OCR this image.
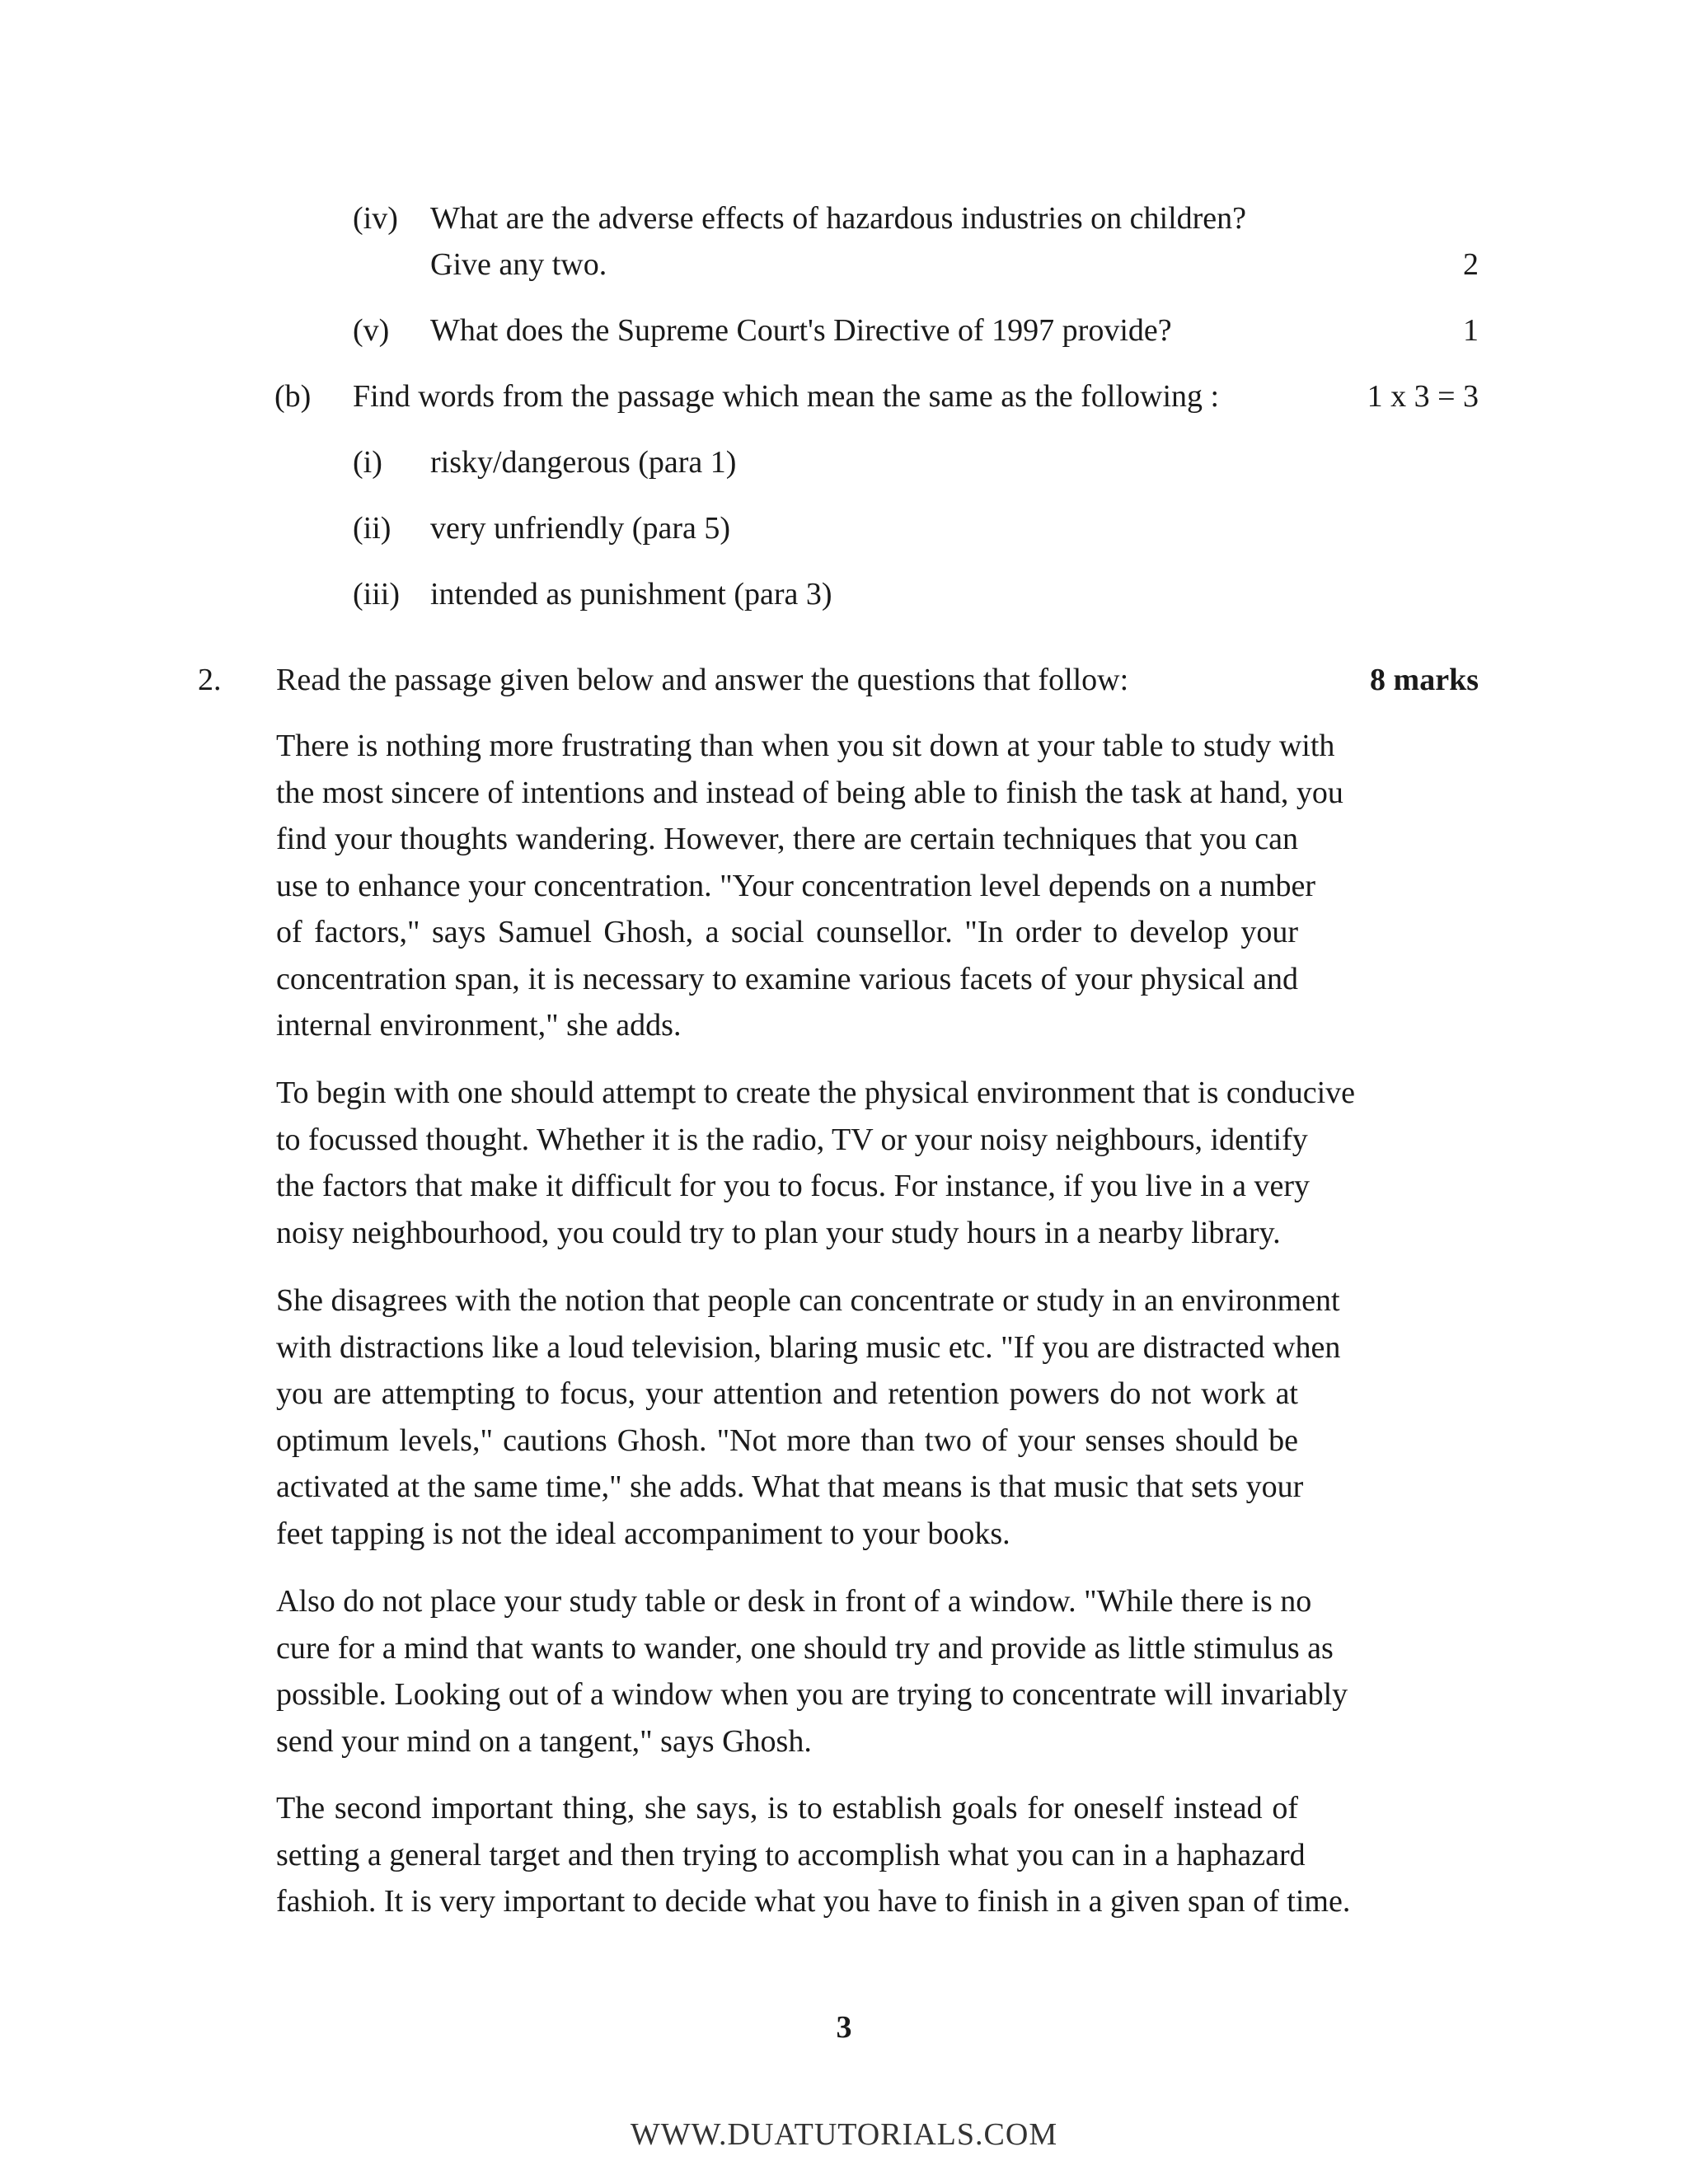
(iv) What are the adverse effects of hazardous industries on children?
Give any two.	2
(v) What does the Supreme Court's Directive of 1997 provide?	1
(b) Find words from the passage which mean the same as the following :	1 x 3 = 3
(i) risky/dangerous (para 1)
(ii) very unfriendly (para 5)
(iii) intended as punishment (para 3)
2. Read the passage given below and answer the questions that follow:	8 marks
There is nothing more frustrating than when you sit down at your table to study with
the most sincere of intentions and instead of being able to finish the task at hand, you
find your thoughts wandering. However, there are certain techniques that you can
use to enhance your concentration. "Your concentration level depends on a number
of factors," says Samuel Ghosh, a social counsellor. "In order to develop your
concentration span, it is necessary to examine various facets of your physical and
internal environment," she adds.
To begin with one should attempt to create the physical environment that is conducive
to focussed thought. Whether it is the radio, TV or your noisy neighbours, identify
the factors that make it difficult for you to focus. For instance, if you live in a very
noisy neighbourhood, you could try to plan your study hours in a nearby library.
She disagrees with the notion that people can concentrate or study in an environment
with distractions like a loud television, blaring music etc. "If you are distracted when
you are attempting to focus, your attention and retention powers do not work at
optimum levels," cautions Ghosh. "Not more than two of your senses should be
activated at the same time," she adds. What that means is that music that sets your
feet tapping is not the ideal accompaniment to your books.
Also do not place your study table or desk in front of a window. "While there is no
cure for a mind that wants to wander, one should try and provide as little stimulus as
possible. Looking out of a window when you are trying to concentrate will invariably
send your mind on a tangent," says Ghosh.
The second important thing, she says, is to establish goals for oneself instead of
setting a general target and then trying to accomplish what you can in a haphazard
fashioh. It is very important to decide what you have to finish in a given span of time.
3
WWW.DUATUTORIALS.COM
